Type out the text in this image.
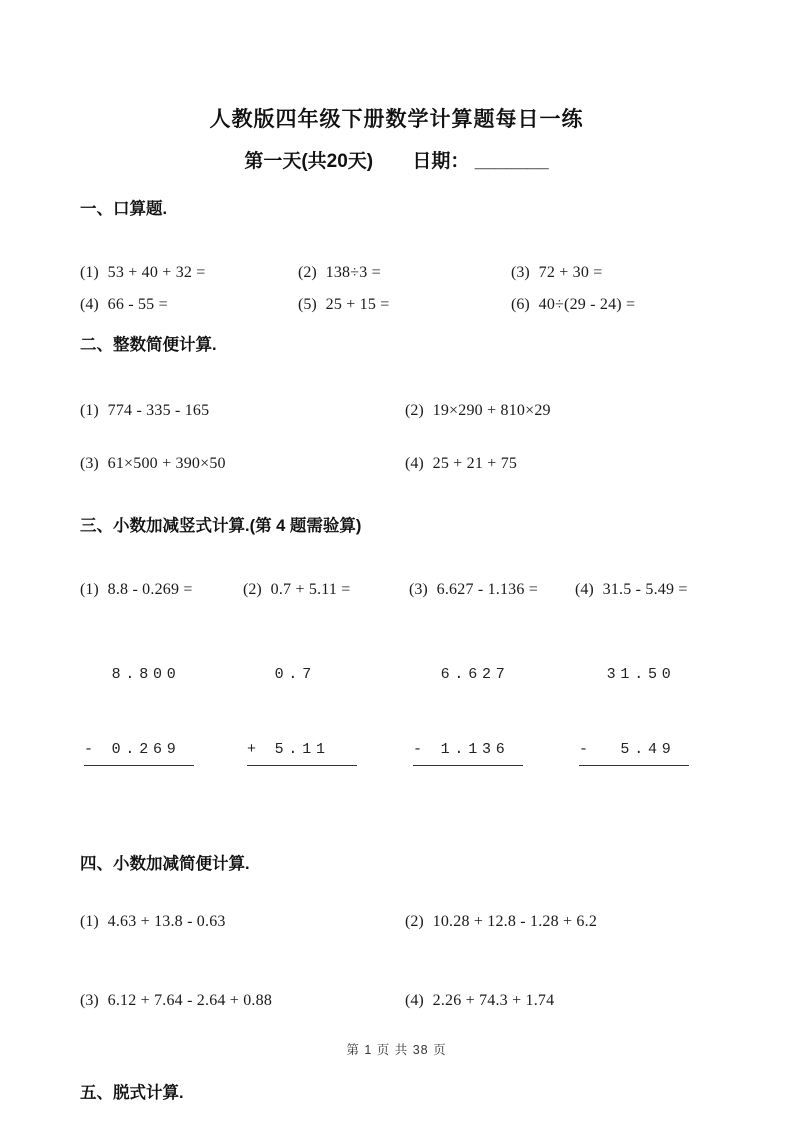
人教版四年级下册数学计算题每日一练
第一天(共20天) 日期： _______
一、口算题.
(1) 53 + 40 + 32 =	(2) 138÷3 =	(3) 72 + 30 =
(4) 66 - 55 =	(5) 25 + 15 =	(6) 40÷(29 - 24) =
二、整数简便计算.
(1) 774 - 335 - 165	(2) 19×290 + 810×29
(3) 61×500 + 390×50	(4) 25 + 21 + 75
三、小数加减竖式计算.(第 4 题需验算)
(1) 8.8 - 0.269 =	(2) 0.7 + 5.11 =	(3) 6.627 - 1.136 =	(4) 31.5 - 5.49 =

8.800

- 0.269

0.7

+ 5.11

6.627

- 1.136

31.50

-  5.49

四、小数加减简便计算.
(1) 4.63 + 13.8 - 0.63	(2) 10.28 + 12.8 - 1.28 + 6.2
(3) 6.12 + 7.64 - 2.64 + 0.88	(4) 2.26 + 74.3 + 1.74
五、脱式计算.
第 1 页 共 38 页
